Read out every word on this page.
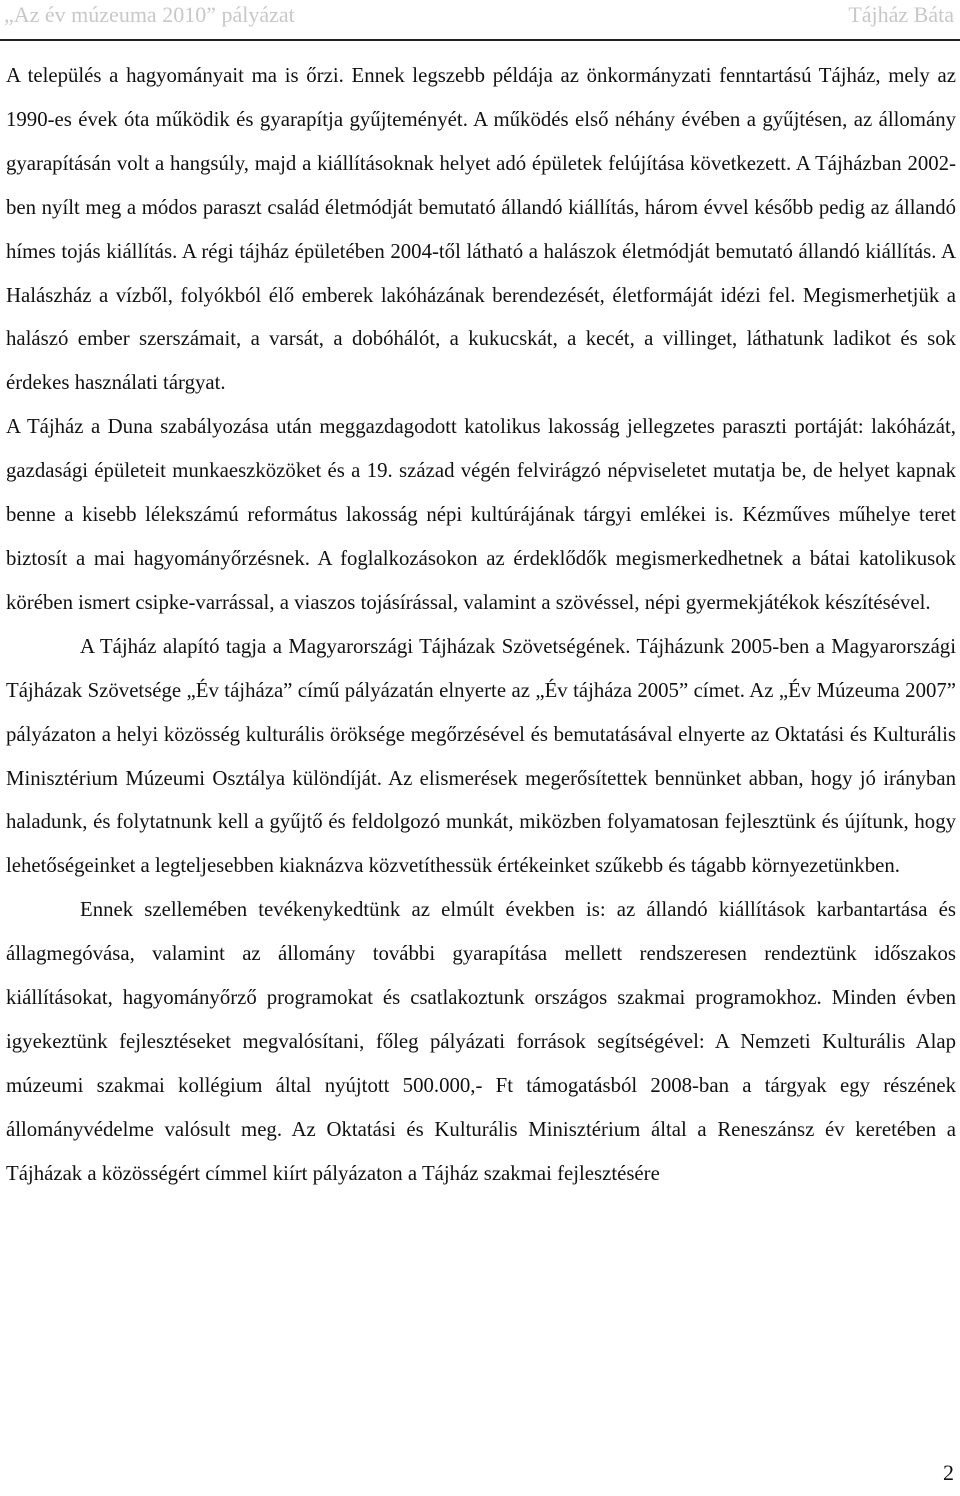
„Az év múzeuma 2010” pályázat	Tájház Báta

A település a hagyományait ma is őrzi. Ennek legszebb példája az önkormányzati fenntartású Tájház, mely az 1990-es évek óta működik és gyarapítja gyűjteményét. A működés első néhány évében a gyűjtésen, az állomány gyarapításán volt a hangsúly, majd a kiállításoknak helyet adó épületek felújítása következett. A Tájházban 2002-ben nyílt meg a módos paraszt család életmódját bemutató állandó kiállítás, három évvel később pedig az állandó hímes tojás kiállítás. A régi tájház épületében 2004-től látható a halászok életmódját bemutató állandó kiállítás. A Halászház a vízből, folyókból élő emberek lakóházának berendezését, életformáját idézi fel. Megismerhetjük a halászó ember szerszámait, a varsát, a dobóhálót, a kukucskát, a kecét, a villinget, láthatunk ladikot és sok érdekes használati tárgyat.

A Tájház a Duna szabályozása után meggazdagodott katolikus lakosság jellegzetes paraszti portáját: lakóházát, gazdasági épületeit munkaeszközöket és a 19. század végén felvirágzó népviseletet mutatja be, de helyet kapnak benne a kisebb lélekszámú református lakosság népi kultúrájának tárgyi emlékei is. Kézműves műhelye teret biztosít a mai hagyományőrzésnek. A foglalkozásokon az érdeklődők megismerkedhetnek a bátai katolikusok körében ismert csipke-varrással, a viaszos tojásírással, valamint a szövéssel, népi gyermekjátékok készítésével.

A Tájház alapító tagja a Magyarországi Tájházak Szövetségének. Tájházunk 2005-ben a Magyarországi Tájházak Szövetsége „Év tájháza” című pályázatán elnyerte az „Év tájháza 2005” címet. Az „Év Múzeuma 2007” pályázaton a helyi közösség kulturális öröksége megőrzésével és bemutatásával elnyerte az Oktatási és Kulturális Minisztérium Múzeumi Osztálya különdíját. Az elismerések megerősítettek bennünket abban, hogy jó irányban haladunk, és folytatnunk kell a gyűjtő és feldolgozó munkát, miközben folyamatosan fejlesztünk és újítunk, hogy lehetőségeinket a legteljesebben kiaknázva közvetíthessük értékeinket szűkebb és tágabb környezetünkben.

Ennek szellemében tevékenykedtünk az elmúlt években is: az állandó kiállítások karbantartása és állagmegóvása, valamint az állomány további gyarapítása mellett rendszeresen rendeztünk időszakos kiállításokat, hagyományőrző programokat és csatlakoztunk országos szakmai programokhoz. Minden évben igyekeztünk fejlesztéseket megvalósítani, főleg pályázati források segítségével: A Nemzeti Kulturális Alap múzeumi szakmai kollégium által nyújtott 500.000,- Ft támogatásból 2008-ban a tárgyak egy részének állományvédelme valósult meg. Az Oktatási és Kulturális Minisztérium által a Reneszánsz év keretében a Tájházak a közösségért címmel kiírt pályázaton a Tájház szakmai fejlesztésére

2
